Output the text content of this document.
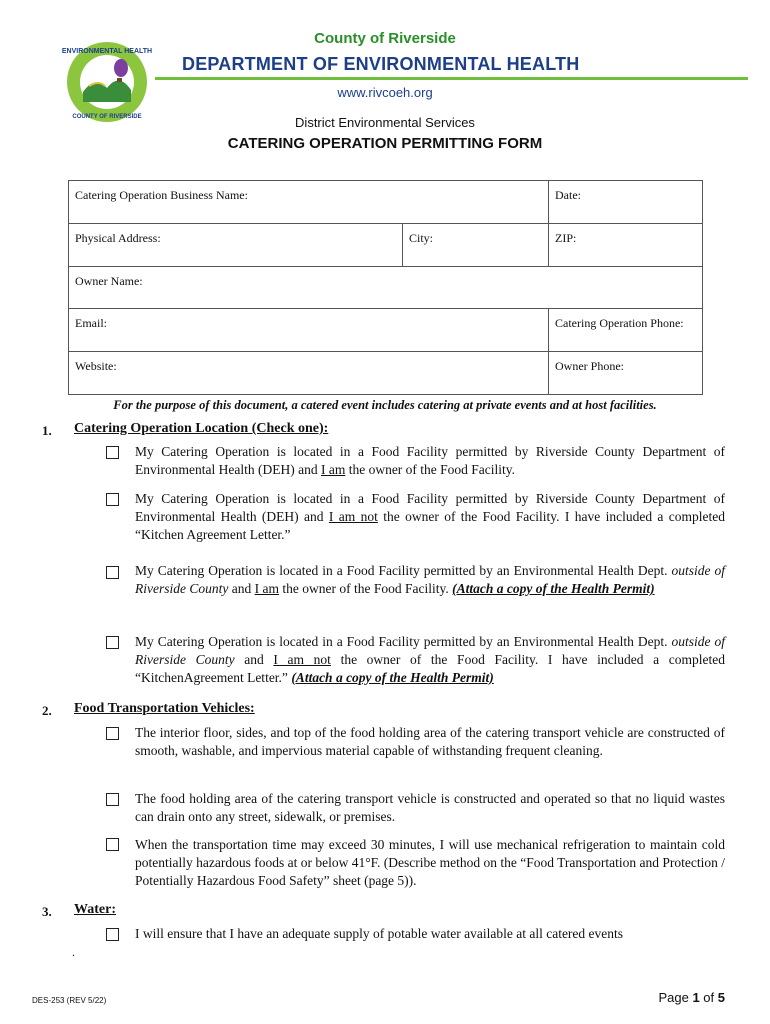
ENVIRONMENTAL HEALTH
COUNTY OF RIVERSIDE
County of Riverside
DEPARTMENT OF ENVIRONMENTAL HEALTH
www.rivcoeh.org
District Environmental Services
CATERING OPERATION PERMITTING FORM
Catering Operation Business Name:	Date:
Physical Address:	City:	ZIP:
Owner Name:
Email:	Catering Operation Phone:
Website:	Owner Phone:
For the purpose of this document, a catered event includes catering at private events and at host facilities.
1. Catering Operation Location (Check one):
My Catering Operation is located in a Food Facility permitted by Riverside County Department of Environmental Health (DEH) and I am the owner of the Food Facility.
My Catering Operation is located in a Food Facility permitted by Riverside County Department of Environmental Health (DEH) and I am not the owner of the Food Facility. I have included a completed “Kitchen Agreement Letter.”
My Catering Operation is located in a Food Facility permitted by an Environmental Health Dept. outside of Riverside County and I am the owner of the Food Facility. (Attach a copy of the Health Permit)
My Catering Operation is located in a Food Facility permitted by an Environmental Health Dept. outside of Riverside County and I am not the owner of the Food Facility. I have included a completed “KitchenAgreement Letter.” (Attach a copy of the Health Permit)
2. Food Transportation Vehicles:
The interior floor, sides, and top of the food holding area of the catering transport vehicle are constructed of smooth, washable, and impervious material capable of withstanding frequent cleaning.
The food holding area of the catering transport vehicle is constructed and operated so that no liquid wastes can drain onto any street, sidewalk, or premises.
When the transportation time may exceed 30 minutes, I will use mechanical refrigeration to maintain cold potentially hazardous foods at or below 41°F. (Describe method on the “Food Transportation and Protection / Potentially Hazardous Food Safety” sheet (page 5)).
3. Water:
I will ensure that I have an adequate supply of potable water available at all catered events
.
DES-253 (REV 5/22)	Page 1 of 5
